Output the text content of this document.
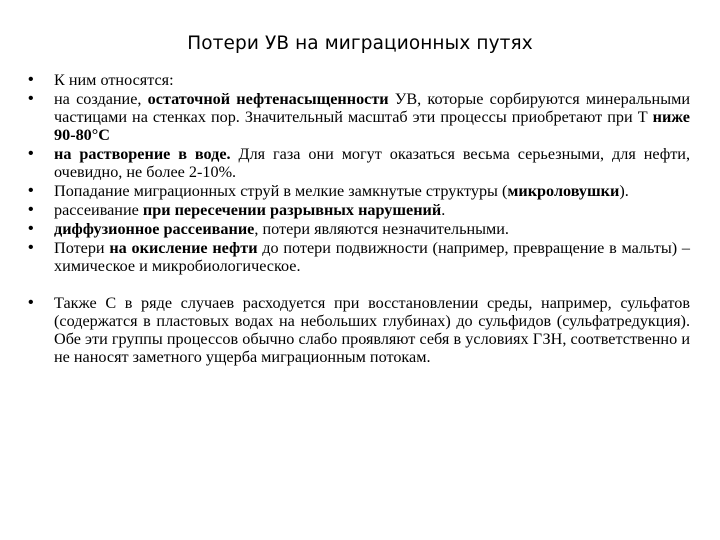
Потери УВ на миграционных путях
• К ним относятся:
• на создание, остаточной нефтенасыщенности УВ, которые сорбируются минеральными частицами на стенках пор. Значительный масштаб эти процессы приобретают при Т ниже 90-80°С
• на растворение в воде. Для газа они могут оказаться весьма серьезными, для нефти, очевидно, не более 2-10%.
• Попадание миграционных струй в мелкие замкнутые структуры (микроловушки).
• рассеивание при пересечении разрывных нарушений.
• диффузионное рассеивание, потери являются незначительными.
• Потери на окисление нефти до потери подвижности (например, превращение в мальты) – химическое и микробиологическое.
• Также С в ряде случаев расходуется при восстановлении среды, например, сульфатов (содержатся в пластовых водах на небольших глубинах) до сульфидов (сульфатредукция). Обе эти группы процессов обычно слабо проявляют себя в условиях ГЗН, соответственно и не наносят заметного ущерба миграционным потокам.
